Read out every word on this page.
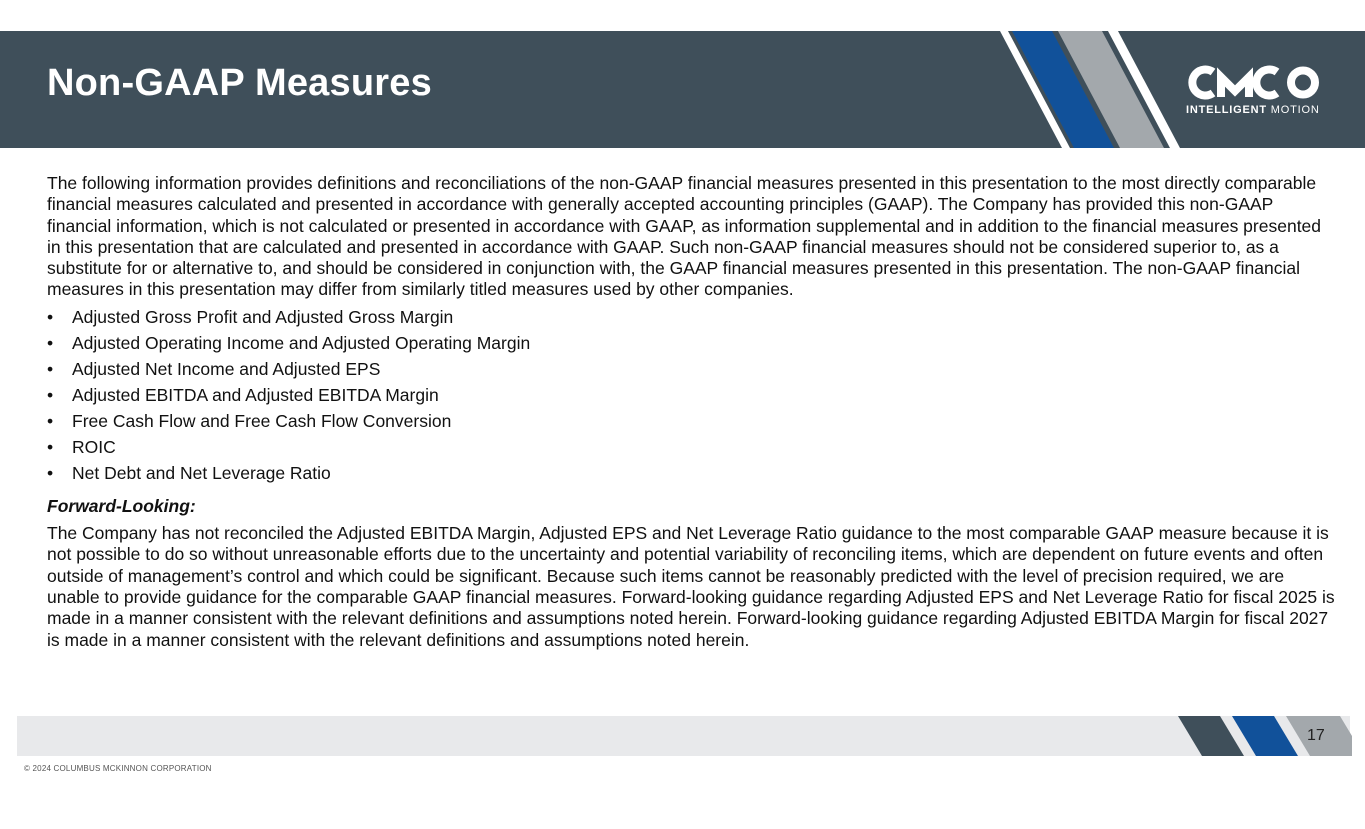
Non-GAAP Measures
INTELLIGENT MOTION

The following information provides definitions and reconciliations of the non-GAAP financial measures presented in this presentation to the most directly comparable financial measures calculated and presented in accordance with generally accepted accounting principles (GAAP). The Company has provided this non-GAAP financial information, which is not calculated or presented in accordance with GAAP, as information supplemental and in addition to the financial measures presented in this presentation that are calculated and presented in accordance with GAAP. Such non-GAAP financial measures should not be considered superior to, as a substitute for or alternative to, and should be considered in conjunction with, the GAAP financial measures presented in this presentation. The non-GAAP financial measures in this presentation may differ from similarly titled measures used by other companies.

• Adjusted Gross Profit and Adjusted Gross Margin
• Adjusted Operating Income and Adjusted Operating Margin
• Adjusted Net Income and Adjusted EPS
• Adjusted EBITDA and Adjusted EBITDA Margin
• Free Cash Flow and Free Cash Flow Conversion
• ROIC
• Net Debt and Net Leverage Ratio

Forward-Looking:

The Company has not reconciled the Adjusted EBITDA Margin, Adjusted EPS and Net Leverage Ratio guidance to the most comparable GAAP measure because it is not possible to do so without unreasonable efforts due to the uncertainty and potential variability of reconciling items, which are dependent on future events and often outside of management’s control and which could be significant. Because such items cannot be reasonably predicted with the level of precision required, we are unable to provide guidance for the comparable GAAP financial measures. Forward-looking guidance regarding Adjusted EPS and Net Leverage Ratio for fiscal 2025 is made in a manner consistent with the relevant definitions and assumptions noted herein. Forward-looking guidance regarding Adjusted EBITDA Margin for fiscal 2027 is made in a manner consistent with the relevant definitions and assumptions noted herein.

17
© 2024 COLUMBUS MCKINNON CORPORATION
